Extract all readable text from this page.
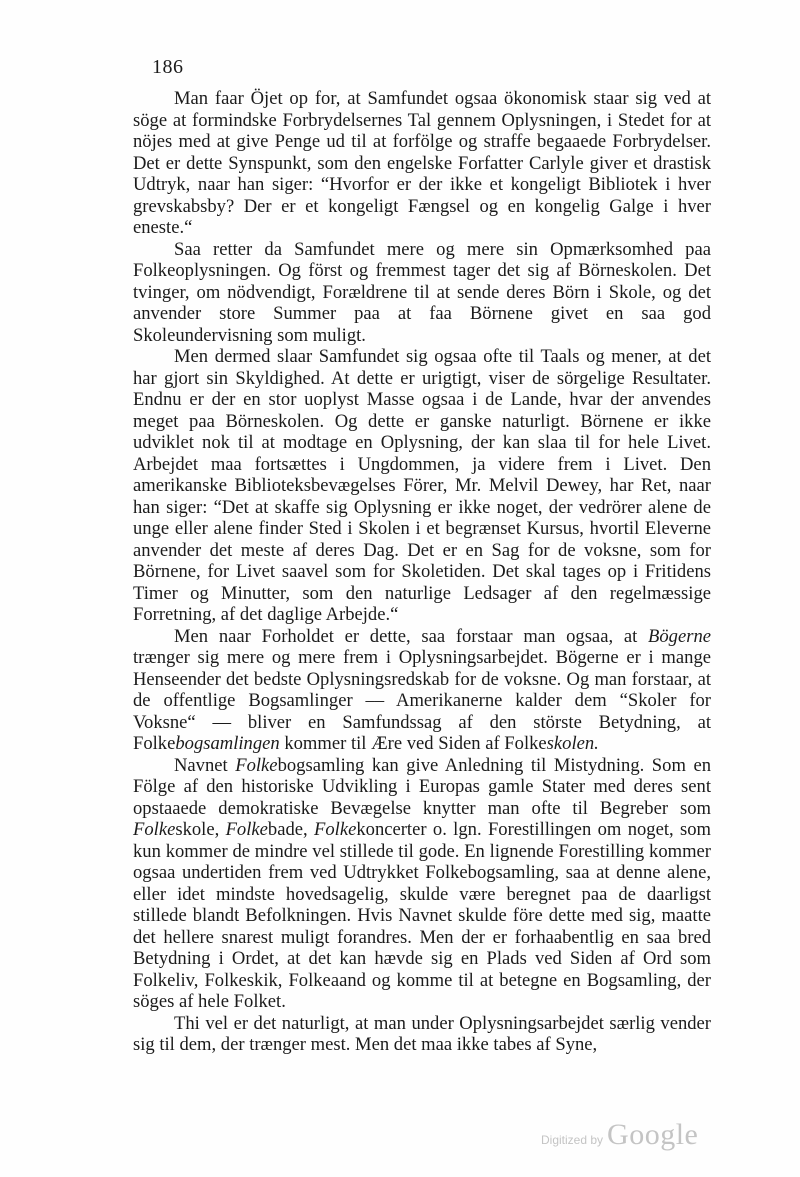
186

Man faar Öjet op for, at Samfundet ogsaa ökonomisk staar sig ved at söge at formindske Forbrydelsernes Tal gennem Oplysningen, i Stedet for at nöjes med at give Penge ud til at forfölge og straffe begaaede Forbrydelser. Det er dette Synspunkt, som den engelske Forfatter Carlyle giver et drastisk Udtryk, naar han siger: “Hvorfor er der ikke et kongeligt Bibliotek i hver grevskabsby? Der er et kongeligt Fængsel og en kongelig Galge i hver eneste.“

Saa retter da Samfundet mere og mere sin Opmærksomhed paa Folkeoplysningen. Og först og fremmest tager det sig af Börneskolen. Det tvinger, om nödvendigt, Forældrene til at sende deres Börn i Skole, og det anvender store Summer paa at faa Börnene givet en saa god Skoleundervisning som muligt.

Men dermed slaar Samfundet sig ogsaa ofte til Taals og mener, at det har gjort sin Skyldighed. At dette er urigtigt, viser de sörgelige Resultater. Endnu er der en stor uoplyst Masse ogsaa i de Lande, hvar der anvendes meget paa Börneskolen. Og dette er ganske naturligt. Börnene er ikke udviklet nok til at modtage en Oplysning, der kan slaa til for hele Livet. Arbejdet maa fortsættes i Ungdommen, ja videre frem i Livet. Den amerikanske Biblioteksbevægelses Förer, Mr. Melvil Dewey, har Ret, naar han siger: “Det at skaffe sig Oplysning er ikke noget, der vedrörer alene de unge eller alene finder Sted i Skolen i et begrænset Kursus, hvortil Eleverne anvender det meste af deres Dag. Det er en Sag for de voksne, som for Börnene, for Livet saavel som for Skoletiden. Det skal tages op i Fritidens Timer og Minutter, som den naturlige Ledsager af den regelmæssige Forretning, af det daglige Arbejde.“

Men naar Forholdet er dette, saa forstaar man ogsaa, at Bögerne trænger sig mere og mere frem i Oplysningsarbejdet. Bögerne er i mange Henseender det bedste Oplysningsredskab for de voksne. Og man forstaar, at de offentlige Bogsamlinger –– Amerikanerne kalder dem “Skoler for Voksne“ — bliver en Samfundssag af den störste Betydning, at Folkebogsamlingen kommer til Ære ved Siden af Folkeskolen.

Navnet Folkebogsamling kan give Anledning til Mistydning. Som en Fölge af den historiske Udvikling i Europas gamle Stater med deres sent opstaaede demokratiske Bevægelse knytter man ofte til Begreber som Folkeskole, Folkebade, Folkekoncerter o. lgn. Forestillingen om noget, som kun kommer de mindre vel stillede til gode. En lignende Forestilling kommer ogsaa undertiden frem ved Udtrykket Folkebogsamling, saa at denne alene, eller idet mindste hovedsagelig, skulde være beregnet paa de daarligst stillede blandt Befolkningen. Hvis Navnet skulde före dette med sig, maatte det hellere snarest muligt forandres. Men der er forhaabentlig en saa bred Betydning i Ordet, at det kan hævde sig en Plads ved Siden af Ord som Folkeliv, Folkeskik, Folkeaand og komme til at betegne en Bogsamling, der söges af hele Folket.

Thi vel er det naturligt, at man under Oplysningsarbejdet særlig vender sig til dem, der trænger mest. Men det maa ikke tabes af Syne,

Digitized by Google
